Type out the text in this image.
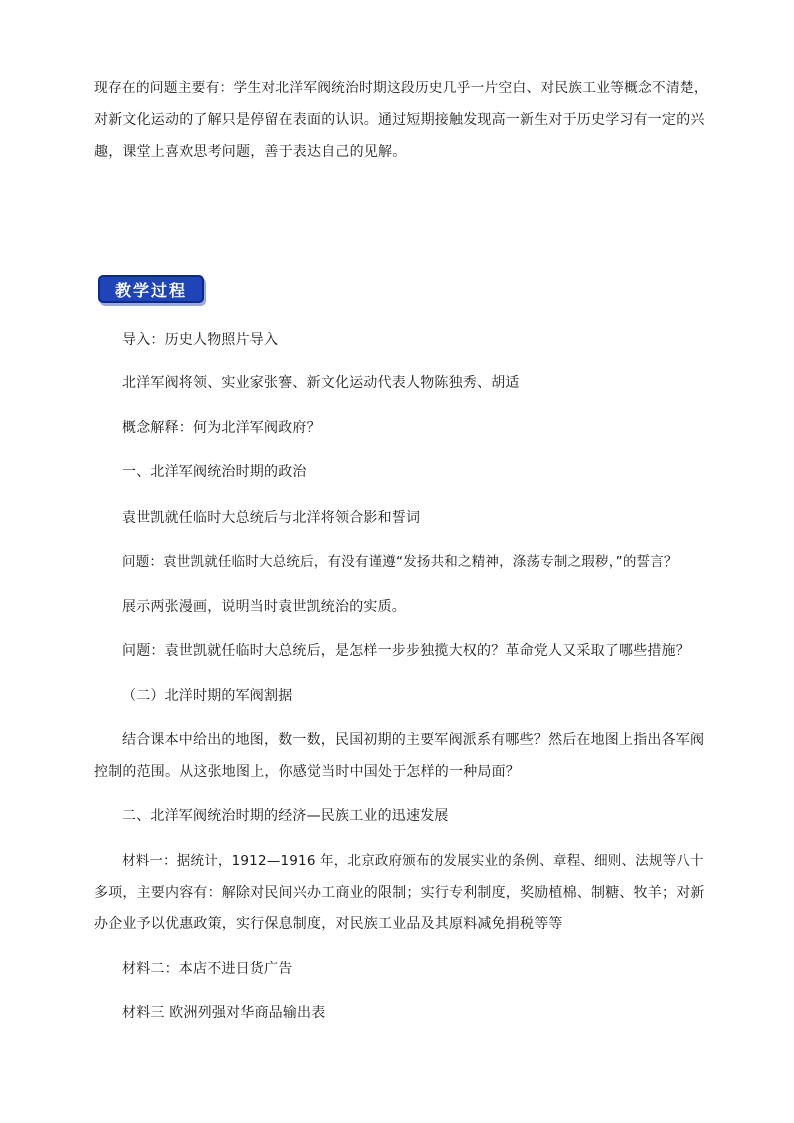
现存在的问题主要有：学生对北洋军阀统治时期这段历史几乎一片空白、对民族工业等概念不清楚，

对新文化运动的了解只是停留在表面的认识。通过短期接触发现高一新生对于历史学习有一定的兴

趣，课堂上喜欢思考问题，善于表达自己的见解。

教学过程

导入：历史人物照片导入

北洋军阀将领、实业家张謇、新文化运动代表人物陈独秀、胡适

概念解释：何为北洋军阀政府？

一、北洋军阀统治时期的政治

袁世凯就任临时大总统后与北洋将领合影和誓词

问题：袁世凯就任临时大总统后，有没有谨遵“发扬共和之精神，涤荡专制之瑕秽，”的誓言？

展示两张漫画，说明当时袁世凯统治的实质。

问题：袁世凯就任临时大总统后，是怎样一步步独揽大权的？革命党人又采取了哪些措施？

（二）北洋时期的军阀割据

结合课本中给出的地图，数一数，民国初期的主要军阀派系有哪些？然后在地图上指出各军阀

控制的范围。从这张地图上，你感觉当时中国处于怎样的一种局面？

二、北洋军阀统治时期的经济—民族工业的迅速发展

材料一：据统计，1912—1916 年，北京政府颁布的发展实业的条例、章程、细则、法规等八十

多项，主要内容有：解除对民间兴办工商业的限制；实行专利制度，奖励植棉、制糖、牧羊；对新

办企业予以优惠政策，实行保息制度，对民族工业品及其原料减免捐税等等

材料二：本店不进日货广告

材料三 欧洲列强对华商品输出表
